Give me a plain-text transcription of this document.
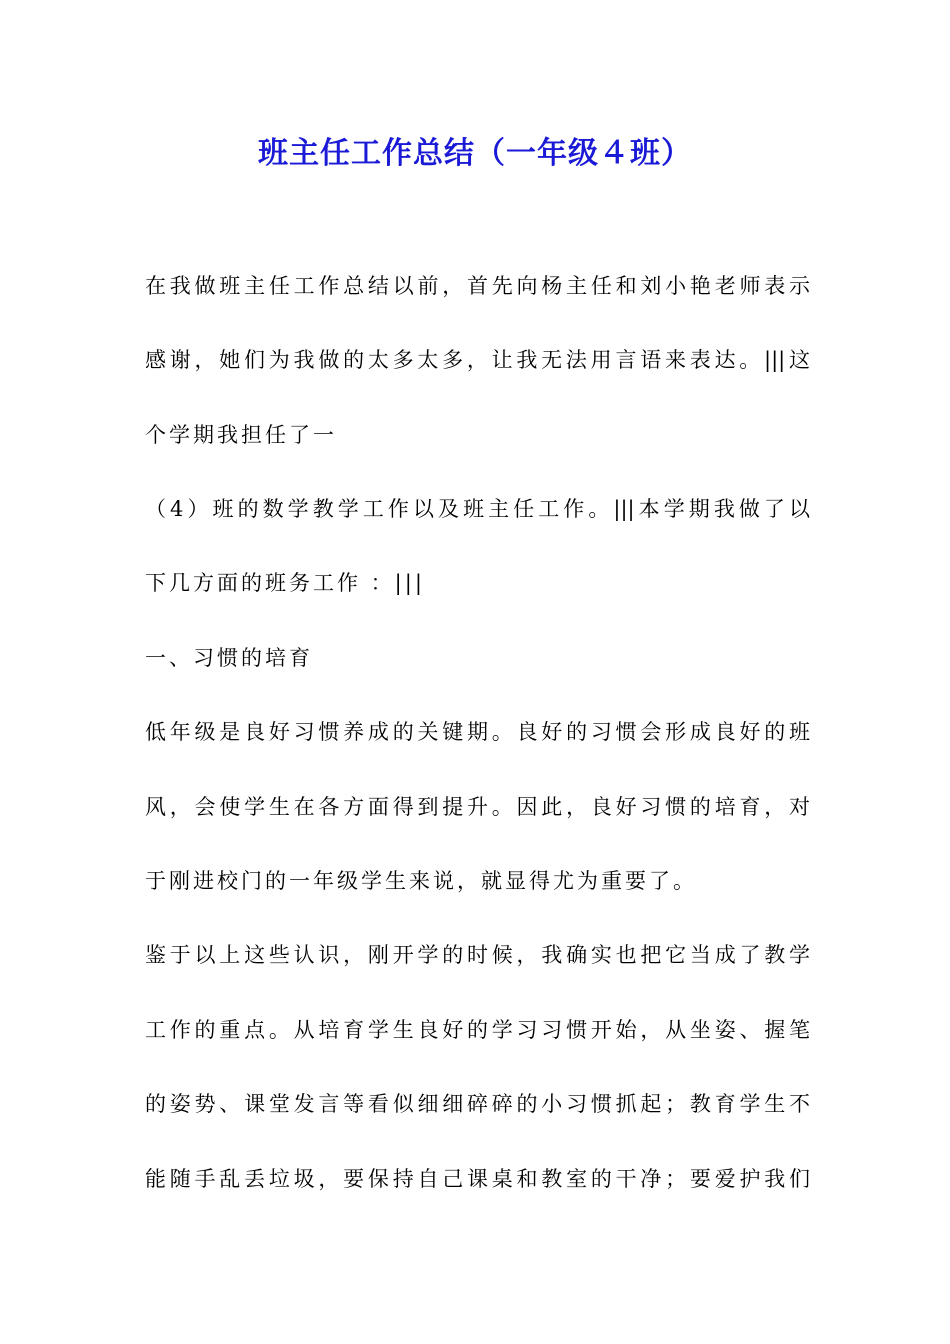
班主任工作总结（一年级４班）
在我做班主任工作总结以前，首先向杨主任和刘小艳老师表示
感谢，她们为我做的太多太多，让我无法用言语来表达。|||这
个学期我担任了一
（4）班的数学教学工作以及班主任工作。|||本学期我做了以
下几方面的班务工作 ：|||
一、习惯的培育
低年级是良好习惯养成的关键期。良好的习惯会形成良好的班
风，会使学生在各方面得到提升。因此，良好习惯的培育，对
于刚进校门的一年级学生来说，就显得尤为重要了。
鉴于以上这些认识，刚开学的时候，我确实也把它当成了教学
工作的重点。从培育学生良好的学习习惯开始，从坐姿、握笔
的姿势、课堂发言等看似细细碎碎的小习惯抓起；教育学生不
能随手乱丢垃圾，要保持自己课桌和教室的干净；要爱护我们
